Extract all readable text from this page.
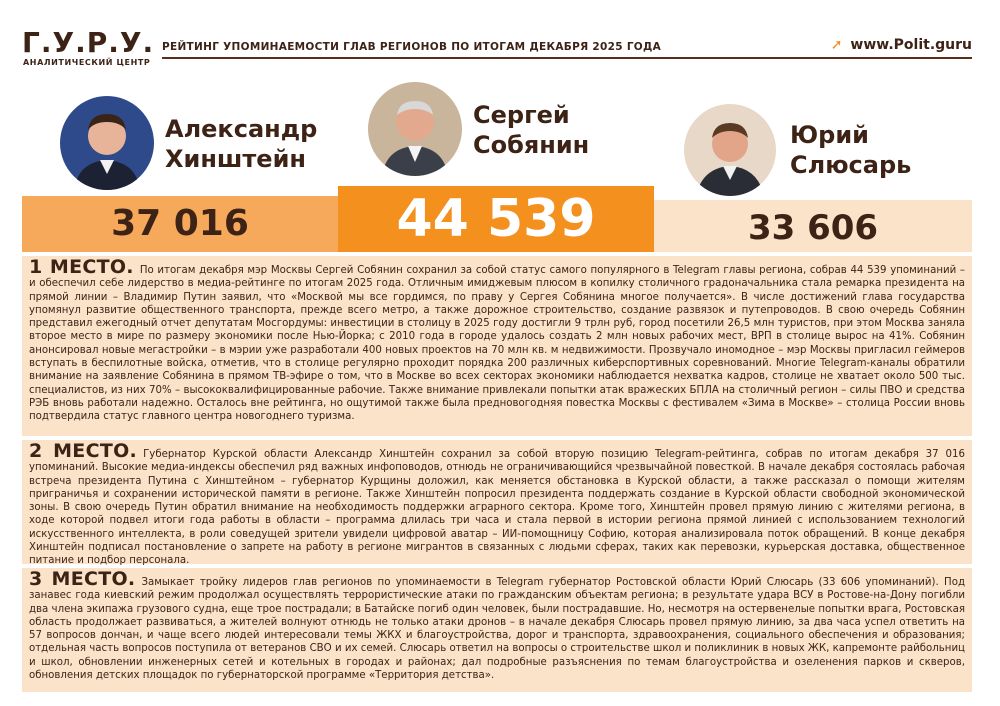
Г.У.Р.У.
АНАЛИТИЧЕСКИЙ ЦЕНТР
РЕЙТИНГ УПОМИНАЕМОСТИ ГЛАВ РЕГИОНОВ ПО ИТОГАМ ДЕКАБРЯ 2025 ГОДА	➚ www.Polit.guru
Александр
Хинштейн
Сергей
Собянин	Юрий
Слюсарь
37 016	44 539	33 606
1 МЕСТО. По итогам декабря мэр Москвы Сергей Собянин сохранил за собой статус самого популярного в Telegram главы региона, собрав 44 539 упоминаний – и обеспечил себе лидерство в медиа-рейтинге по итогам 2025 года. Отличным имиджевым плюсом в копилку столичного градоначальника стала ремарка президента на прямой линии – Владимир Путин заявил, что «Москвой мы все гордимся, по праву у Сергея Собянина многое получается». В числе достижений глава государства упомянул развитие общественного транспорта, прежде всего метро, а также дорожное строительство, создание развязок и путепроводов. В свою очередь Собянин представил ежегодный отчет депутатам Мосгордумы: инвестиции в столицу в 2025 году достигли 9 трлн руб, город посетили 26,5 млн туристов, при этом Москва заняла второе место в мире по размеру экономики после Нью-Йорка; с 2010 года в городе удалось создать 2 млн новых рабочих мест, ВРП в столице вырос на 41%. Собянин анонсировал новые мегастройки – в мэрии уже разработали 400 новых проектов на 70 млн кв. м недвижимости. Прозвучало иномодное – мэр Москвы пригласил геймеров вступать в беспилотные войска, отметив, что в столице регулярно проходит порядка 200 различных киберспортивных соревнований. Многие Telegram-каналы обратили внимание на заявление Собянина в прямом ТВ-эфире о том, что в Москве во всех секторах экономики наблюдается нехватка кадров, столице не хватает около 500 тыс. специалистов, из них 70% – высококвалифицированные рабочие. Также внимание привлекали попытки атак вражеских БПЛА на столичный регион – силы ПВО и средства РЭБ вновь работали надежно. Осталось вне рейтинга, но ощутимой также была предновогодняя повестка Москвы с фестивалем «Зима в Москве» – столица России вновь подтвердила статус главного центра новогоднего туризма.
2 МЕСТО. Губернатор Курской области Александр Хинштейн сохранил за собой вторую позицию Telegram-рейтинга, собрав по итогам декабря 37 016 упоминаний. Высокие медиа-индексы обеспечил ряд важных инфоповодов, отнюдь не ограничивающийся чрезвычайной повесткой. В начале декабря состоялась рабочая встреча президента Путина с Хинштейном – губернатор Курщины доложил, как меняется обстановка в Курской области, а также рассказал о помощи жителям приграничья и сохранении исторической памяти в регионе. Также Хинштейн попросил президента поддержать создание в Курской области свободной экономической зоны. В свою очередь Путин обратил внимание на необходимость поддержки аграрного сектора. Кроме того, Хинштейн провел прямую линию с жителями региона, в ходе которой подвел итоги года работы в области – программа длилась три часа и стала первой в истории региона прямой линией с использованием технологий искусственного интеллекта, в роли соведущей зрители увидели цифровой аватар – ИИ-помощницу Софию, которая анализировала поток обращений. В конце декабря Хинштейн подписал постановление о запрете на работу в регионе мигрантов в связанных с людьми сферах, таких как перевозки, курьерская доставка, общественное питание и подбор персонала.
3 МЕСТО. Замыкает тройку лидеров глав регионов по упоминаемости в Telegram губернатор Ростовской области Юрий Слюсарь (33 606 упоминаний). Под занавес года киевский режим продолжал осуществлять террористические атаки по гражданским объектам региона; в результате удара ВСУ в Ростове-на-Дону погибли два члена экипажа грузового судна, еще трое пострадали; в Батайске погиб один человек, были пострадавшие. Но, несмотря на остервенелые попытки врага, Ростовская область продолжает развиваться, а жителей волнуют отнюдь не только атаки дронов – в начале декабря Слюсарь провел прямую линию, за два часа успел ответить на 57 вопросов дончан, и чаще всего людей интересовали темы ЖКХ и благоустройства, дорог и транспорта, здравоохранения, социального обеспечения и образования; отдельная часть вопросов поступила от ветеранов СВО и их семей. Слюсарь ответил на вопросы о строительстве школ и поликлиник в новых ЖК, капремонте райбольниц и школ, обновлении инженерных сетей и котельных в городах и районах; дал подробные разъяснения по темам благоустройства и озеленения парков и скверов, обновления детских площадок по губернаторской программе «Территория детства».
